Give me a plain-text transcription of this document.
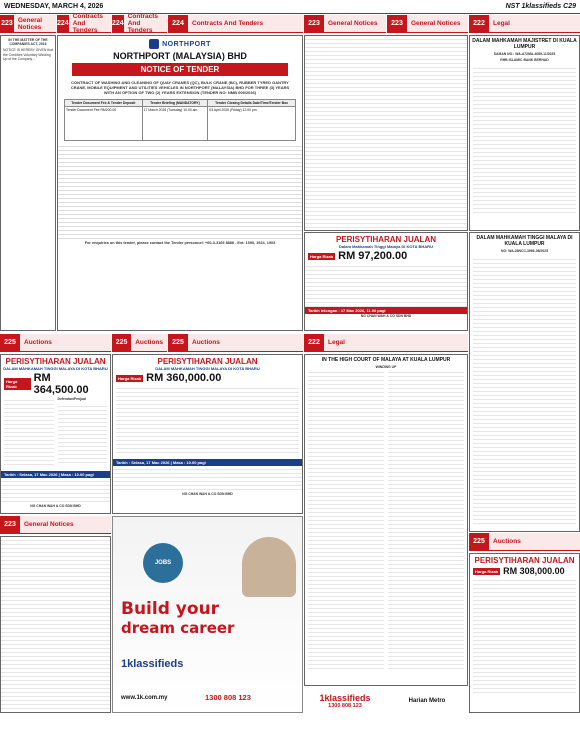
WEDNESDAY, MARCH 4, 2026	NST 1klassifieds C29
223 General Notices	224
Contracts And Tenders
224
Contracts And Tenders
224	Contracts And Tenders	223	General Notices	223	General Notices	222	Legal

IN THE MATTER OF THE COMPANIES ACT, 2016

NOTICE IS HEREBY GIVEN that the Creditors Voluntary Winding Up of the Company...

NORTHPORT
NORTHPORT (MALAYSIA) BHD
NOTICE OF TENDER
CONTRACT OF WASHING AND CLEANING OF QUAY CRANES (QC), BULK CRANE (BC), RUBBER TYRED GANTRY CRANE, MOBILE EQUIPMENT AND UTILITIES VEHICLES IN NORTHPORT (MALAYSIA) BHD FOR THREE (3) YEARS WITH AN OPTION OF TWO (2) YEARS EXTENSION (TENDER NO: NMB 009/2026)
Tender Document Fee & Tender Deposit	Tender Briefing (MANDATORY)	Tender Closing Details Date/Time/Tender Box
Tender Document Fee RM200.00	17 March 2026 (Tuesday) 10.00 am	03 April 2026 (Friday) 12.00 pm
For enquiries on this tender, please contact the Tender personnel: +60-3-3169 8888 - Ext: 1090, 1924, 1903	PERISYTIHARAN JUALAN
Dalam Mahkamah Tinggi Malaya Di KOTA BHARU
Harga Rizab RM 97,200.00
Tarikh lelongan : 17 Mac 2026, 11.00 pagi
NG CHAN WAH & CO SDN BHD
DALAM MAHKAMAH MAJISTRET DI KUALA LUMPUR
SAMAN NO.: WA-A72MA-4089-11/2025
RHB ISLAMIC BANK BERHAD
DALAM MAHKAMAH TINGGI MALAYA DI KUALA LUMPUR
NO: WA-28NCC-3966-08/2025
225	Auctions	225	Auctions	225	Auctions	222	Legal
PERISYTIHARAN JUALAN
DALAM MAHKAMAH TINGGI MALAYA DI KOTA BHARU
Harga Rizab
RM 364,500.00

Defendan/Penjual

Tarikh : Selasa, 17 Mac 2026 | Masa : 10.00 pagi
NG CHAN WAH & CO SDN BHD
PERISYTIHARAN JUALAN
DALAM MAHKAMAH TINGGI MALAYA DI KOTA BHARU
Harga Rizab RM 360,000.00
Tarikh : Selasa, 17 Mac 2026 | Masa : 10.00 pagi
NG CHAN WAH & CO SDN BHD
IN THE HIGH COURT OF MALAYA AT KUALA LUMPUR
WINDING UP
223	General Notices
JOBS
Build your
dream career
1klassifieds
www.1k.com.my	1300 808 123	1klassifieds
1300 808 123
Harian Metro
225	Auctions
PERISYTIHARAN JUALAN
Harga Rizab RM 308,000.00
